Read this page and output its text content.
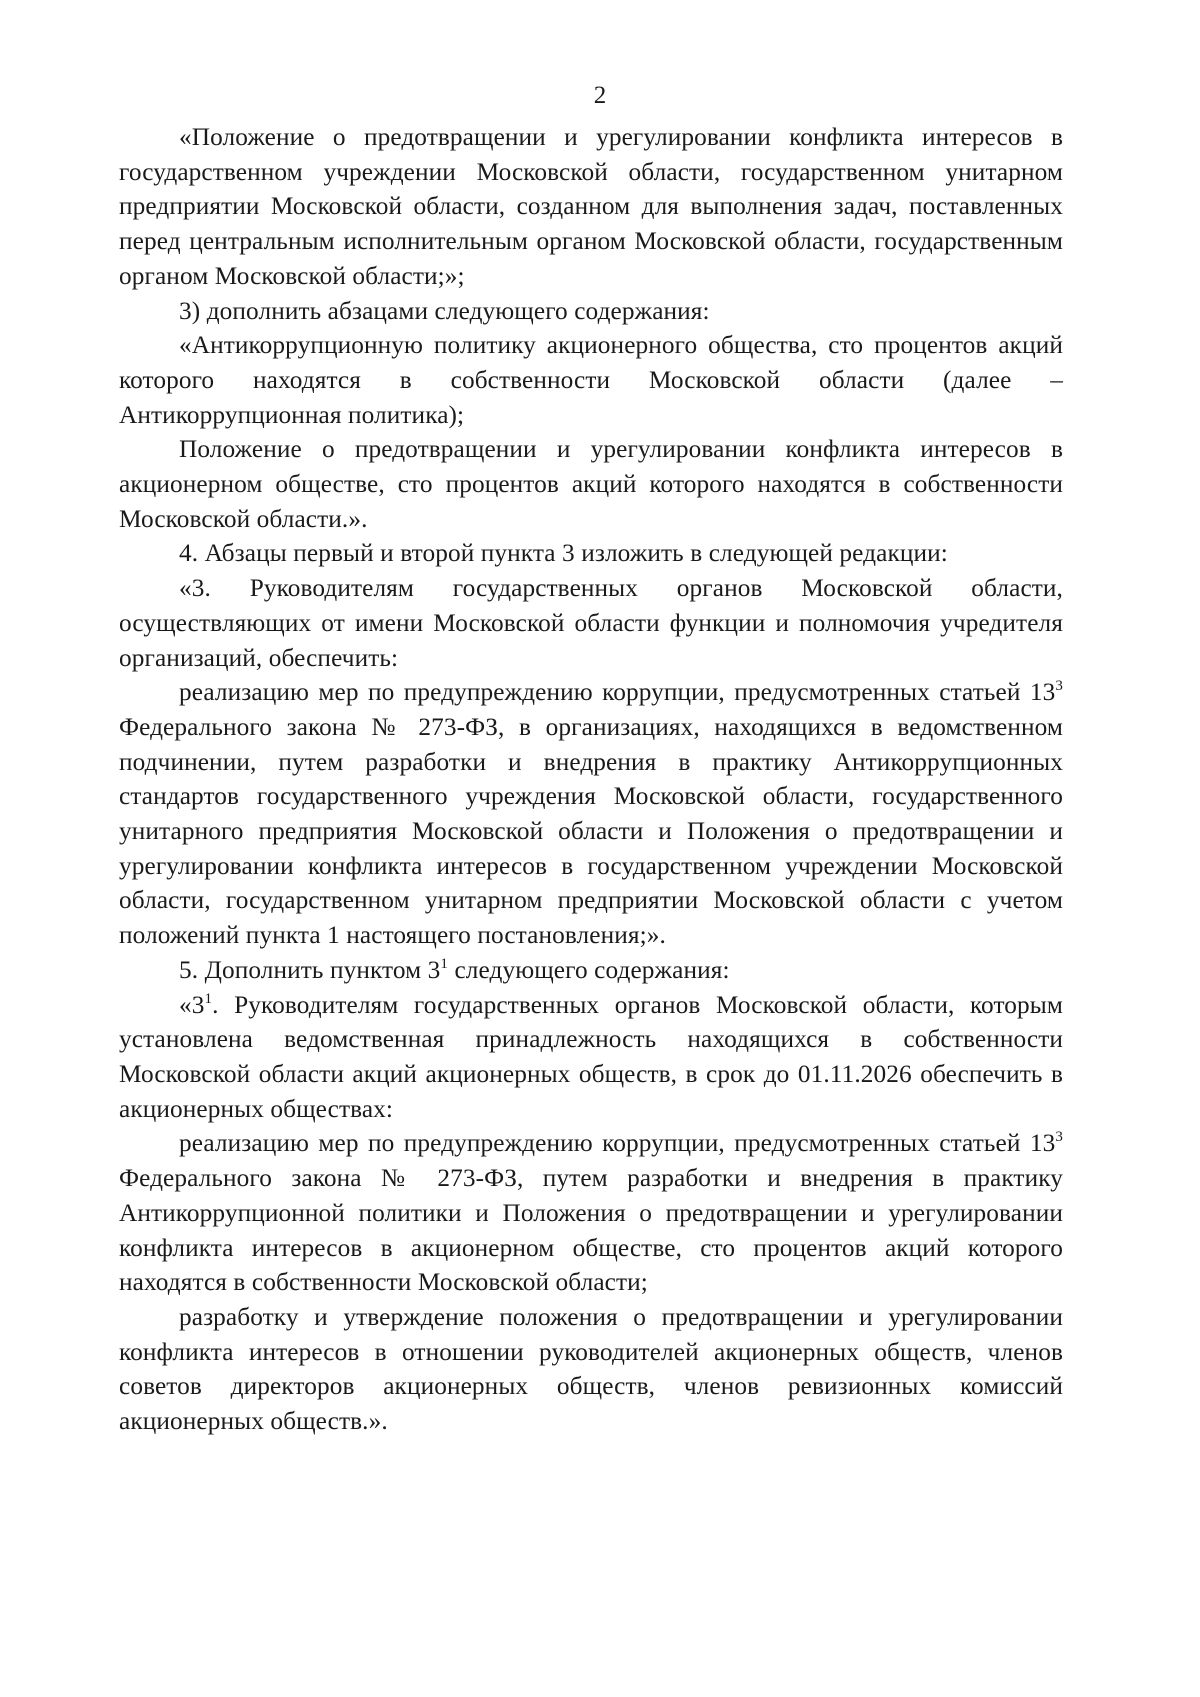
2

«Положение о предотвращении и урегулировании конфликта интересов в государственном учреждении Московской области, государственном унитарном предприятии Московской области, созданном для выполнения задач, поставленных перед центральным исполнительным органом Московской области, государственным органом Московской области;»;

3) дополнить абзацами следующего содержания:

«Антикоррупционную политику акционерного общества, сто процентов акций которого находятся в собственности Московской области (далее – Антикоррупционная политика);

Положение о предотвращении и урегулировании конфликта интересов в акционерном обществе, сто процентов акций которого находятся в собственности Московской области.».

4. Абзацы первый и второй пункта 3 изложить в следующей редакции:

«3. Руководителям государственных органов Московской области, осуществляющих от имени Московской области функции и полномочия учредителя организаций, обеспечить:

реализацию мер по предупреждению коррупции, предусмотренных статьей $13^3$ Федерального закона № 273-ФЗ, в организациях, находящихся в ведомственном подчинении, путем разработки и внедрения в практику Антикоррупционных стандартов государственного учреждения Московской области, государственного унитарного предприятия Московской области и Положения о предотвращении и урегулировании конфликта интересов в государственном учреждении Московской области, государственном унитарном предприятии Московской области с учетом положений пункта 1 настоящего постановления;».

5. Дополнить пунктом $3^1$ следующего содержания:

«$3^1$. Руководителям государственных органов Московской области, которым установлена ведомственная принадлежность находящихся в собственности Московской области акций акционерных обществ, в срок до 01.11.2026 обеспечить в акционерных обществах:

реализацию мер по предупреждению коррупции, предусмотренных статьей $13^3$ Федерального закона № 273-ФЗ, путем разработки и внедрения в практику Антикоррупционной политики и Положения о предотвращении и урегулировании конфликта интересов в акционерном обществе, сто процентов акций которого находятся в собственности Московской области;

разработку и утверждение положения о предотвращении и урегулировании конфликта интересов в отношении руководителей акционерных обществ, членов советов директоров акционерных обществ, членов ревизионных комиссий акционерных обществ.».
